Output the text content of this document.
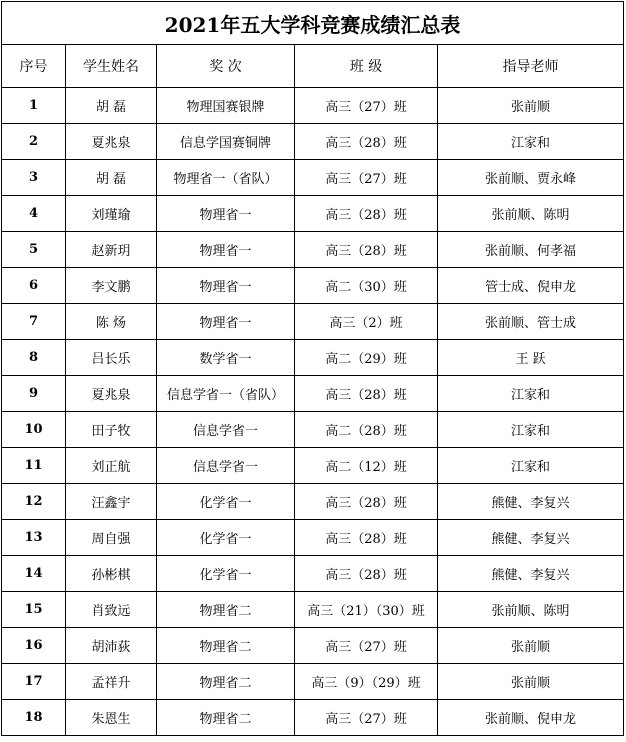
2021年五大学科竞赛成绩汇总表				
序号	学生姓名	奖 次	班 级	指导老师
1	胡 磊	物理国赛银牌	高三（27）班	张前顺
2	夏兆泉	信息学国赛铜牌	高三（28）班	江家和
3	胡 磊	物理省一（省队）	高三（27）班	张前顺、贾永峰
4	刘瑾瑜	物理省一	高三（28）班	张前顺、陈明
5	赵新玥	物理省一	高三（28）班	张前顺、何孝福
6	李文鹏	物理省一	高二（30）班	管士成、倪申龙
7	陈 炀	物理省一	高三（2）班	张前顺、管士成
8	吕长乐	数学省一	高二（29）班	王 跃
9	夏兆泉	信息学省一（省队）	高三（28）班	江家和
10	田子牧	信息学省一	高二（28）班	江家和
11	刘正航	信息学省一	高二（12）班	江家和
12	汪鑫宇	化学省一	高三（28）班	熊健、李复兴
13	周自强	化学省一	高三（28）班	熊健、李复兴
14	孙彬棋	化学省一	高三（28）班	熊健、李复兴
15	肖致远	物理省二	高三（21）（30）班	张前顺、陈明
16	胡沛荻	物理省二	高三（27）班	张前顺
17	孟祥升	物理省二	高三（9）（29）班	张前顺
18	朱恩生	物理省二	高三（27）班	张前顺、倪申龙
